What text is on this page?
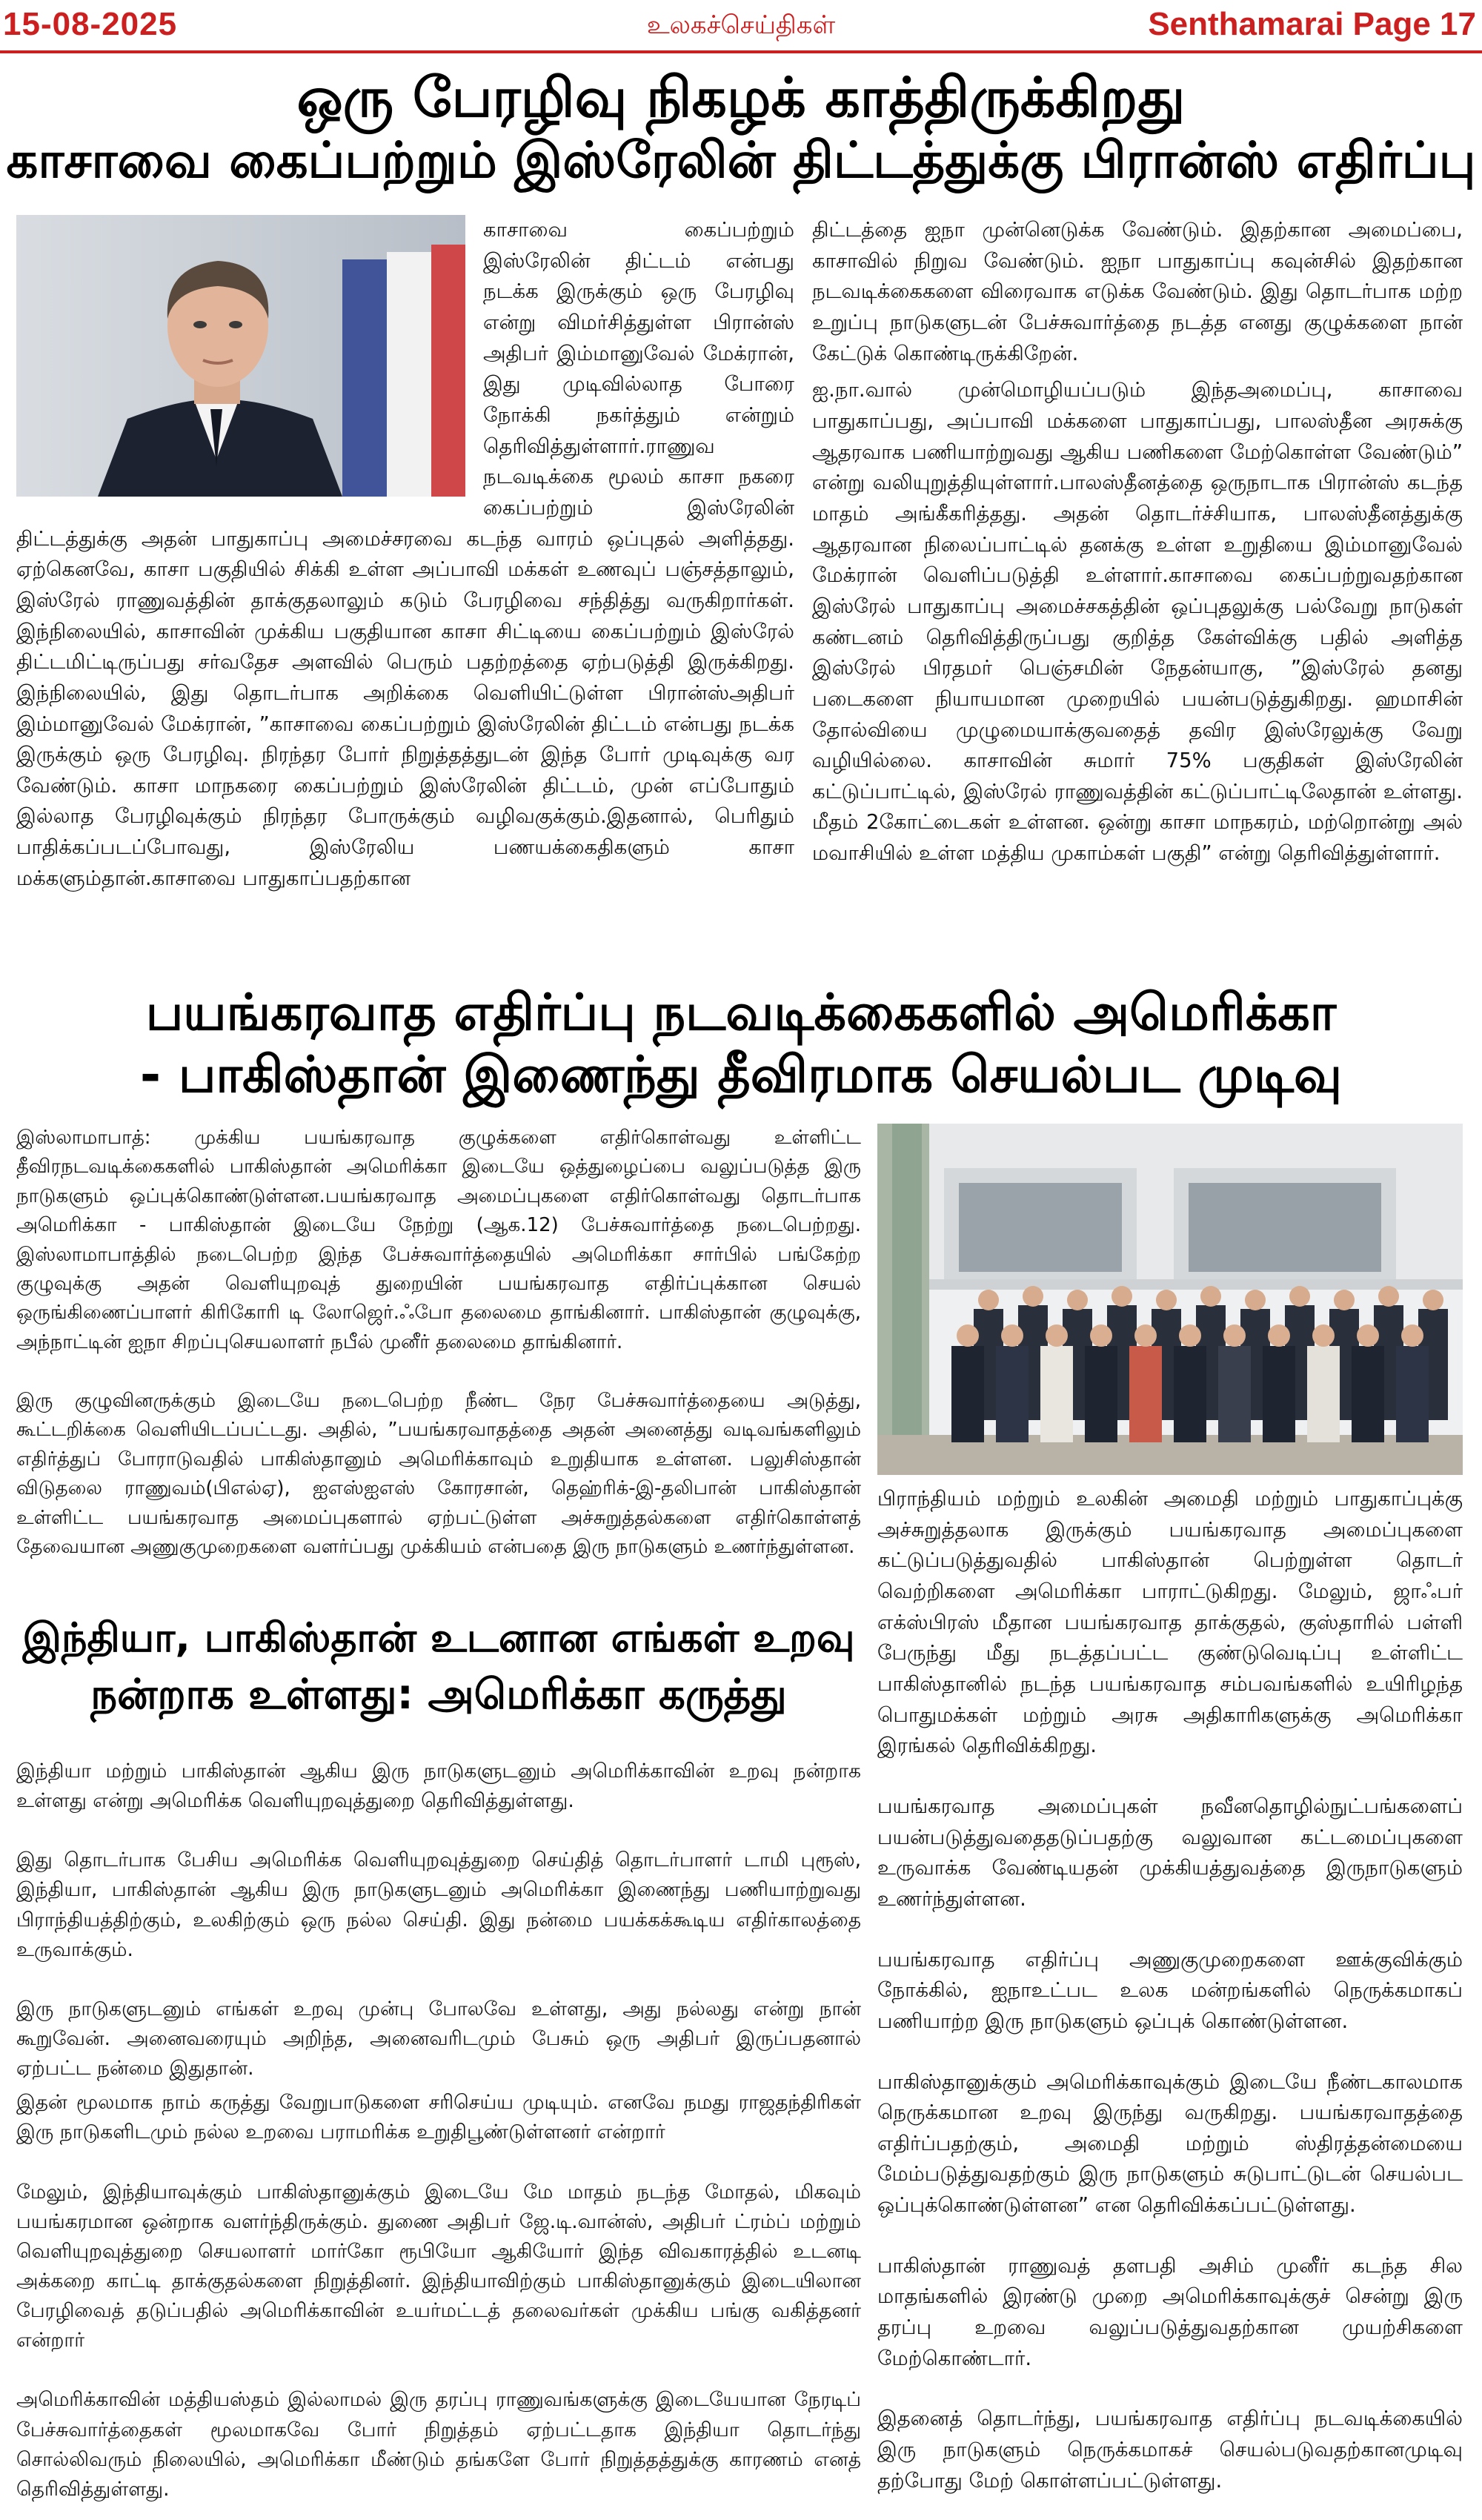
15-08-2025	உலகச்செய்திகள்	Senthamarai Page 17
ஒரு பேரழிவு நிகழக் காத்திருக்கிறது
காசாவை கைப்பற்றும் இஸ்ரேலின் திட்டத்துக்கு பிரான்ஸ் எதிர்ப்பு

காசாவை கைப்பற்றும் இஸ்ரேலின் திட்டம் என்பது நடக்க இருக்கும் ஒரு பேரழிவு என்று விமர்சித்துள்ள பிரான்ஸ் அதிபர் இம்மானுவேல் மேக்ரான், இது முடிவில்லாத போரை நோக்கி நகர்த்தும் என்றும் தெரிவித்துள்ளார்.ராணுவ நடவடிக்கை மூலம் காசா நகரை கைப்பற்றும் இஸ்ரேலின் திட்டத்துக்கு அதன் பாதுகாப்பு அமைச்சரவை கடந்த வாரம் ஒப்புதல் அளித்தது. ஏற்கெனவே, காசா பகுதியில் சிக்கி உள்ள அப்பாவி மக்கள் உணவுப் பஞ்சத்தாலும், இஸ்ரேல் ராணுவத்தின் தாக்குதலாலும் கடும் பேரழிவை சந்தித்து வருகிறார்கள். இந்நிலையில், காசாவின் முக்கிய பகுதியான காசா சிட்டியை கைப்பற்றும் இஸ்ரேல் திட்டமிட்டிருப்பது சர்வதேச அளவில் பெரும் பதற்றத்தை ஏற்படுத்தி இருக்கிறது. இந்நிலையில், இது தொடர்பாக அறிக்கை வெளியிட்டுள்ள பிரான்ஸ்அதிபர் இம்மானுவேல் மேக்ரான், ”காசாவை கைப்பற்றும் இஸ்ரேலின் திட்டம் என்பது நடக்க இருக்கும் ஒரு பேரழிவு. நிரந்தர போர் நிறுத்தத்துடன் இந்த போர் முடிவுக்கு வர வேண்டும். காசா மாநகரை கைப்பற்றும் இஸ்ரேலின் திட்டம், முன் எப்போதும் இல்லாத பேரழிவுக்கும் நிரந்தர போருக்கும் வழிவகுக்கும்.இதனால், பெரிதும் பாதிக்கப்படப்போவது, இஸ்ரேலிய பணயக்கைதிகளும் காசா மக்களும்தான்.காசாவை பாதுகாப்பதற்கான

திட்டத்தை ஐநா முன்னெடுக்க வேண்டும். இதற்கான அமைப்பை, காசாவில் நிறுவ வேண்டும். ஐநா பாதுகாப்பு கவுன்சில் இதற்கான நடவடிக்கைகளை விரைவாக எடுக்க வேண்டும். இது தொடர்பாக மற்ற உறுப்பு நாடுகளுடன் பேச்சுவார்த்தை நடத்த எனது குழுக்களை நான் கேட்டுக் கொண்டிருக்கிறேன்.

ஐ.நா.வால் முன்மொழியப்படும் இந்தஅமைப்பு, காசாவை பாதுகாப்பது, அப்பாவி மக்களை பாதுகாப்பது, பாலஸ்தீன அரசுக்கு ஆதரவாக பணியாற்றுவது ஆகிய பணிகளை மேற்கொள்ள வேண்டும்” என்று வலியுறுத்தியுள்ளார்.பாலஸ்தீனத்தை ஒருநாடாக பிரான்ஸ் கடந்த மாதம் அங்கீகரித்தது. அதன் தொடர்ச்சியாக, பாலஸ்தீனத்துக்கு ஆதரவான நிலைப்பாட்டில் தனக்கு உள்ள உறுதியை இம்மானுவேல் மேக்ரான் வெளிப்படுத்தி உள்ளார்.காசாவை கைப்பற்றுவதற்கான இஸ்ரேல் பாதுகாப்பு அமைச்சகத்தின் ஒப்புதலுக்கு பல்வேறு நாடுகள் கண்டனம் தெரிவித்திருப்பது குறித்த கேள்விக்கு பதில் அளித்த இஸ்ரேல் பிரதமர் பெஞ்சமின் நேதன்யாகு, ”இஸ்ரேல் தனது படைகளை நியாயமான முறையில் பயன்படுத்துகிறது. ஹமாசின் தோல்வியை முழுமையாக்குவதைத் தவிர இஸ்ரேலுக்கு வேறு வழியில்லை. காசாவின் சுமார் 75% பகுதிகள் இஸ்ரேலின் கட்டுப்பாட்டில், இஸ்ரேல் ராணுவத்தின் கட்டுப்பாட்டிலேதான் உள்ளது. மீதம் 2கோட்டைகள் உள்ளன. ஒன்று காசா மாநகரம், மற்றொன்று அல் மவாசியில் உள்ள மத்திய முகாம்கள் பகுதி” என்று தெரிவித்துள்ளார்.

பயங்கரவாத எதிர்ப்பு நடவடிக்கைகளில் அமெரிக்கா
- பாகிஸ்தான் இணைந்து தீவிரமாக செயல்பட முடிவு

இஸ்லாமாபாத்: முக்கிய பயங்கரவாத குழுக்களை எதிர்கொள்வது உள்ளிட்ட தீவிரநடவடிக்கைகளில் பாகிஸ்தான் அமெரிக்கா இடையே ஒத்துழைப்பை வலுப்படுத்த இரு நாடுகளும் ஒப்புக்கொண்டுள்ளன.பயங்கரவாத அமைப்புகளை எதிர்கொள்வது தொடர்பாக அமெரிக்கா - பாகிஸ்தான் இடையே நேற்று (ஆக.12) பேச்சுவார்த்தை நடைபெற்றது. இஸ்லாமாபாத்தில் நடைபெற்ற இந்த பேச்சுவார்த்தையில் அமெரிக்கா சார்பில் பங்கேற்ற குழுவுக்கு அதன் வெளியுறவுத் துறையின் பயங்கரவாத எதிர்ப்புக்கான செயல் ஒருங்கிணைப்பாளர் கிரிகோரி டி லோஜெர்.ஃபோ தலைமை தாங்கினார். பாகிஸ்தான் குழுவுக்கு, அந்நாட்டின் ஐநா சிறப்புசெயலாளர் நபீல் முனீர் தலைமை தாங்கினார்.

இரு குழுவினருக்கும் இடையே நடைபெற்ற நீண்ட நேர பேச்சுவார்த்தையை அடுத்து, கூட்டறிக்கை வெளியிடப்பட்டது. அதில், ”பயங்கரவாதத்தை அதன் அனைத்து வடிவங்களிலும் எதிர்த்துப் போராடுவதில் பாகிஸ்தானும் அமெரிக்காவும் உறுதியாக உள்ளன. பலுசிஸ்தான் விடுதலை ராணுவம்(பிஎல்ஏ), ஐஎஸ்ஐஎஸ் கோரசான், தெஹ்ரிக்-இ-தலிபான் பாகிஸ்தான் உள்ளிட்ட பயங்கரவாத அமைப்புகளால் ஏற்பட்டுள்ள அச்சுறுத்தல்களை எதிர்கொள்ளத் தேவையான அணுகுமுறைகளை வளர்ப்பது முக்கியம் என்பதை இரு நாடுகளும் உணர்ந்துள்ளன.

பிராந்தியம் மற்றும் உலகின் அமைதி மற்றும் பாதுகாப்புக்கு அச்சுறுத்தலாக இருக்கும் பயங்கரவாத அமைப்புகளை கட்டுப்படுத்துவதில் பாகிஸ்தான் பெற்றுள்ள தொடர் வெற்றிகளை அமெரிக்கா பாராட்டுகிறது. மேலும், ஜாஃபர் எக்ஸ்பிரஸ் மீதான பயங்கரவாத தாக்குதல், குஸ்தாரில் பள்ளி பேருந்து மீது நடத்தப்பட்ட குண்டுவெடிப்பு உள்ளிட்ட பாகிஸ்தானில் நடந்த பயங்கரவாத சம்பவங்களில் உயிரிழந்த பொதுமக்கள் மற்றும் அரசு அதிகாரிகளுக்கு அமெரிக்கா இரங்கல் தெரிவிக்கிறது.

பயங்கரவாத அமைப்புகள் நவீனதொழில்நுட்பங்களைப் பயன்படுத்துவதைதடுப்பதற்கு வலுவான கட்டமைப்புகளை உருவாக்க வேண்டியதன் முக்கியத்துவத்தை இருநாடுகளும் உணர்ந்துள்ளன.

பயங்கரவாத எதிர்ப்பு அணுகுமுறைகளை ஊக்குவிக்கும் நோக்கில், ஐநாஉட்பட உலக மன்றங்களில் நெருக்கமாகப் பணியாற்ற இரு நாடுகளும் ஒப்புக் கொண்டுள்ளன.

பாகிஸ்தானுக்கும் அமெரிக்காவுக்கும் இடையே நீண்டகாலமாக நெருக்கமான உறவு இருந்து வருகிறது. பயங்கரவாதத்தை எதிர்ப்பதற்கும், அமைதி மற்றும் ஸ்திரத்தன்மையை மேம்படுத்துவதற்கும் இரு நாடுகளும் சுடுபாட்டுடன் செயல்பட ஒப்புக்கொண்டுள்ளன” என தெரிவிக்கப்பட்டுள்ளது.

பாகிஸ்தான் ராணுவத் தளபதி அசிம் முனீர் கடந்த சில மாதங்களில் இரண்டு முறை அமெரிக்காவுக்குச் சென்று இரு தரப்பு உறவை வலுப்படுத்துவதற்கான முயற்சிகளை மேற்கொண்டார்.

இதனைத் தொடர்ந்து, பயங்கரவாத எதிர்ப்பு நடவடிக்கையில் இரு நாடுகளும் நெருக்கமாகச் செயல்படுவதற்கானமுடிவு தற்போது மேற் கொள்ளப்பட்டுள்ளது.

இந்தியா, பாகிஸ்தான் உடனான எங்கள் உறவு
நன்றாக உள்ளது: அமெரிக்கா கருத்து

இந்தியா மற்றும் பாகிஸ்தான் ஆகிய இரு நாடுகளுடனும் அமெரிக்காவின் உறவு நன்றாக உள்ளது என்று அமெரிக்க வெளியுறவுத்துறை தெரிவித்துள்ளது.

இது தொடர்பாக பேசிய அமெரிக்க வெளியுறவுத்துறை செய்தித் தொடர்பாளர் டாமி புரூஸ், இந்தியா, பாகிஸ்தான் ஆகிய இரு நாடுகளுடனும் அமெரிக்கா இணைந்து பணியாற்றுவது பிராந்தியத்திற்கும், உலகிற்கும் ஒரு நல்ல செய்தி. இது நன்மை பயக்கக்கூடிய எதிர்காலத்தை உருவாக்கும்.

இரு நாடுகளுடனும் எங்கள் உறவு முன்பு போலவே உள்ளது, அது நல்லது என்று நான் கூறுவேன். அனைவரையும் அறிந்த, அனைவரிடமும் பேசும் ஒரு அதிபர் இருப்பதனால் ஏற்பட்ட நன்மை இதுதான்.

இதன் மூலமாக நாம் கருத்து வேறுபாடுகளை சரிசெய்ய முடியும். எனவே நமது ராஜதந்திரிகள் இரு நாடுகளிடமும் நல்ல உறவை பராமரிக்க உறுதிபூண்டுள்ளனர் என்றார்

மேலும், இந்தியாவுக்கும் பாகிஸ்தானுக்கும் இடையே மே மாதம் நடந்த மோதல், மிகவும் பயங்கரமான ஒன்றாக வளர்ந்திருக்கும். துணை அதிபர் ஜே.டி.வான்ஸ், அதிபர் ட்ரம்ப் மற்றும் வெளியுறவுத்துறை செயலாளர் மார்கோ ரூபியோ ஆகியோர் இந்த விவகாரத்தில் உடனடி அக்கறை காட்டி தாக்குதல்களை நிறுத்தினர். இந்தியாவிற்கும் பாகிஸ்தானுக்கும் இடையிலான பேரழிவைத் தடுப்பதில் அமெரிக்காவின் உயர்மட்டத் தலைவர்கள் முக்கிய பங்கு வகித்தனர் என்றார்

அமெரிக்காவின் மத்தியஸ்தம் இல்லாமல் இரு தரப்பு ராணுவங்களுக்கு இடையேயான நேரடிப் பேச்சுவார்த்தைகள் மூலமாகவே போர் நிறுத்தம் ஏற்பட்டதாக இந்தியா தொடர்ந்து சொல்லிவரும் நிலையில், அமெரிக்கா மீண்டும் தங்களே போர் நிறுத்தத்துக்கு காரணம் எனத் தெரிவித்துள்ளது.
